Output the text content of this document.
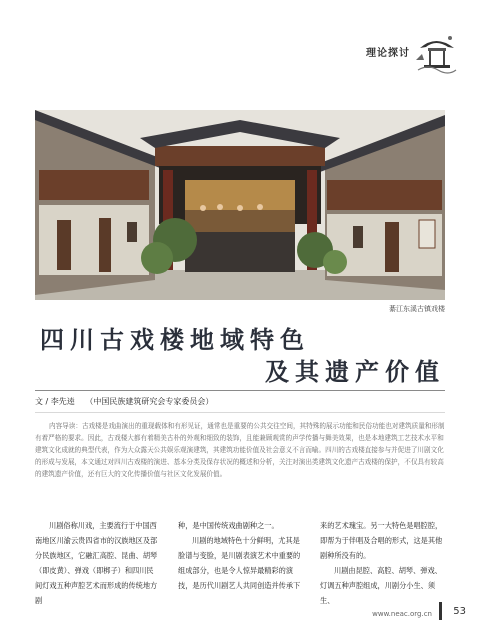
理论探讨
綦江东溪古镇戏楼
四川古戏楼地域特色
及其遗产价值
文 / 李先逵 （中国民族建筑研究会专家委员会）

内容导读：古戏楼是戏曲演出的重现载体和有形见证，通常也是重要的公共交往空间，其特殊的展示功能和民俗功能也对建筑质量和形制有着严格的要求。因此，古戏楼大都有着精美古朴的外观和细致的装饰，且能兼顾观赏的声学传播与舞美效果，也是本地建筑工艺技术水平和建筑文化成就的典型代表，作为大众露天公共娱乐观演建筑，其建筑功能价值及社会意义不言而喻。四川的古戏楼直接参与并促进了川剧文化的形成与发展，本文通过对四川古戏楼的演进、基本分类及保存状况的概述和分析，关注对演出类建筑文化遗产古戏楼的保护，不仅具有较高的建筑遗产价值，还有巨大的文化传播价值与社区文化发展价值。

川剧俗称川戏，主要流行于中国西南地区川渝云贵四省市的汉族地区及部分民族地区，它融汇高腔、昆曲、胡琴（即皮黄）、弹戏（即梆子）和四川民间灯戏五种声腔艺术而形成的传统地方剧

种，是中国传统戏曲剧种之一。

川剧的地域特色十分鲜明，尤其是脸谱与变脸，是川剧表演艺术中重要的组成部分，也是令人惊异最精彩的演技，是历代川剧艺人共同创造并传承下

来的艺术瑰宝。另一大特色是唱腔腔，即帮为于伴唱及合唱的形式，这是其他剧种所没有的。

川剧由昆腔、高腔、胡琴、弹戏、灯调五种声腔组成，川剧分小生、须生、

www.neac.org.cn 53
